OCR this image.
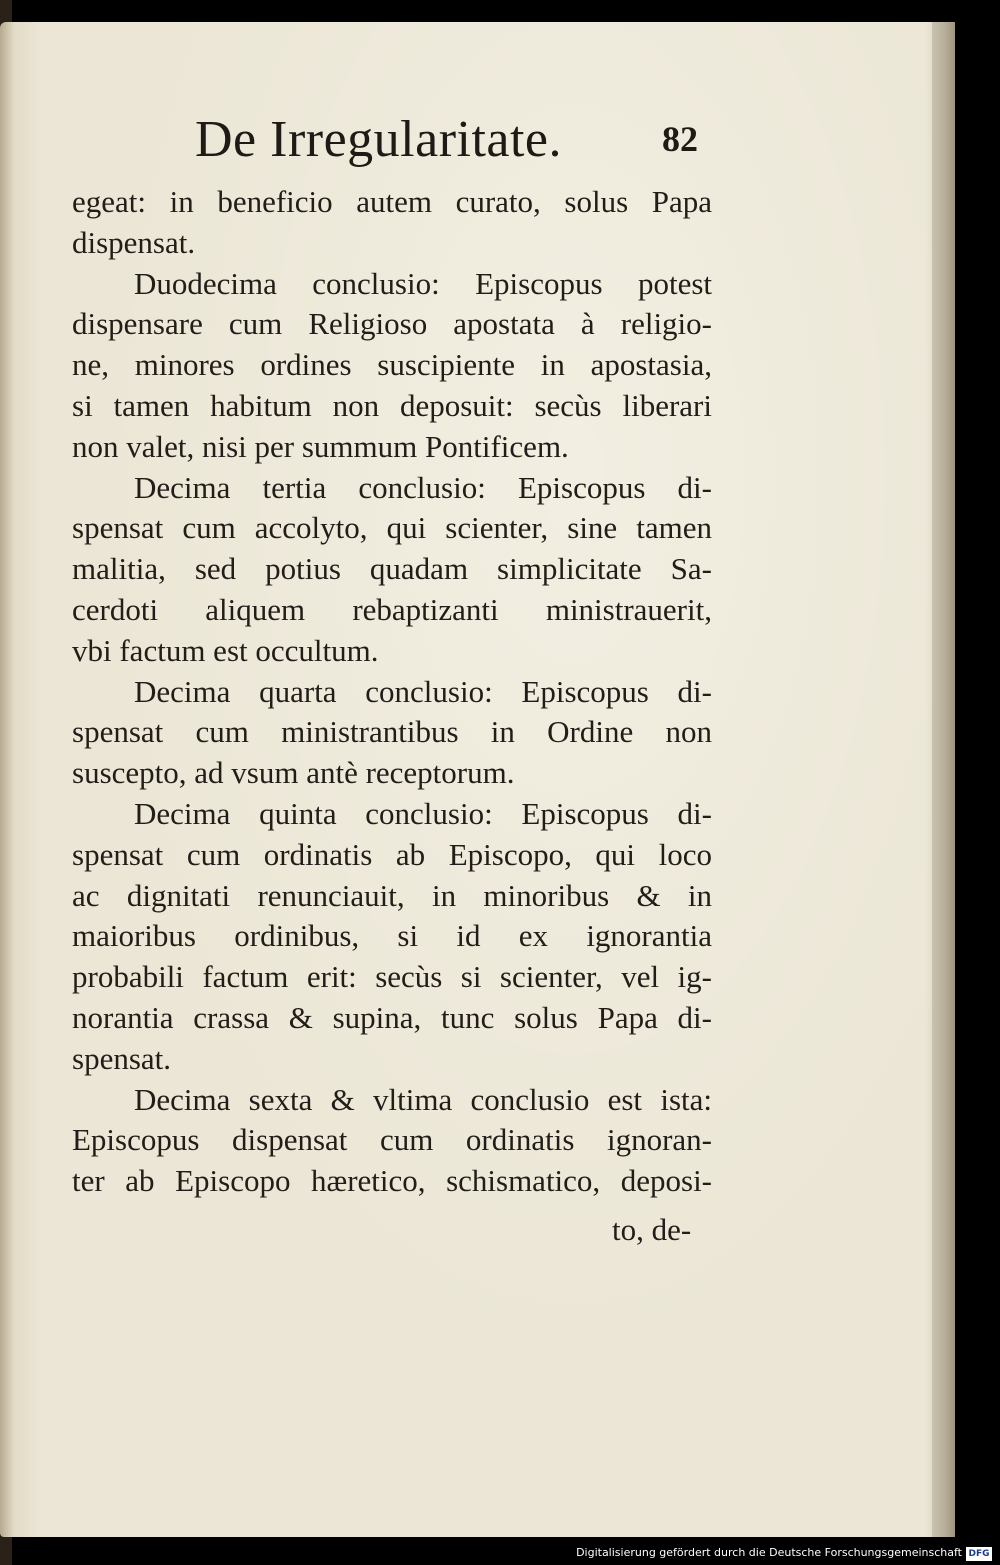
De Irregularitate.	82
egeat: in beneficio autem curato, solus Papa
dispensat.
Duodecima conclusio: Episcopus potest
dispensare cum Religioso apostata à religio-
ne, minores ordines suscipiente in apostasia,
si tamen habitum non deposuit: secùs liberari
non valet, nisi per summum Pontificem.
Decima tertia conclusio: Episcopus di-
spensat cum accolyto, qui scienter, sine tamen
malitia, sed potius quadam simplicitate Sa-
cerdoti aliquem rebaptizanti ministrauerit,
vbi factum est occultum.
Decima quarta conclusio: Episcopus di-
spensat cum ministrantibus in Ordine non
suscepto, ad vsum antè receptorum.
Decima quinta conclusio: Episcopus di-
spensat cum ordinatis ab Episcopo, qui loco
ac dignitati renunciauit, in minoribus & in
maioribus ordinibus, si id ex ignorantia
probabili factum erit: secùs si scienter, vel ig-
norantia crassa & supina, tunc solus Papa di-
spensat.
Decima sexta & vltima conclusio est ista:
Episcopus dispensat cum ordinatis ignoran-
ter ab Episcopo hæretico, schismatico, deposi-
to, de-
Digitalisierung gefördert durch die Deutsche Forschungsgemeinschaft DFG
